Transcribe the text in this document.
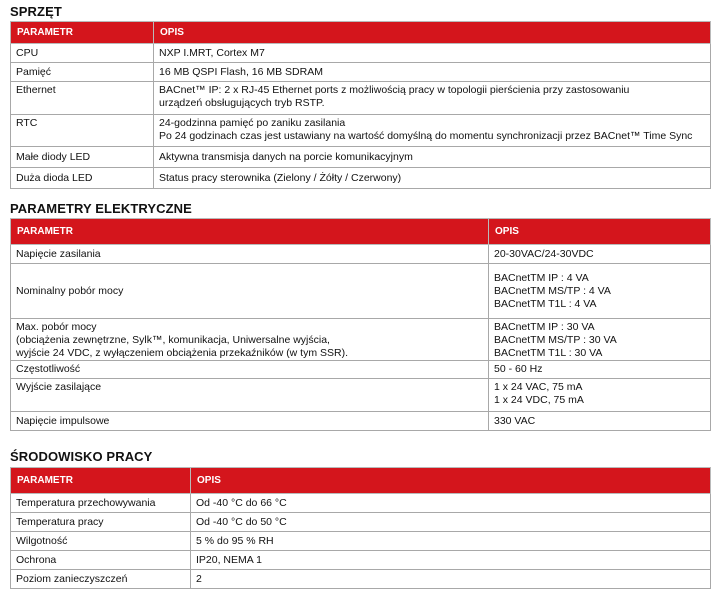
SPRZĘT
PARAMETR	OPIS
CPU	NXP I.MRT, Cortex M7
Pamięć	16 MB QSPI Flash, 16 MB SDRAM
Ethernet	BACnet™ IP: 2 x RJ-45 Ethernet ports z możliwością pracy w topologii pierścienia przy zastosowaniu
urządzeń obsługujących tryb RSTP.

RTC	24-godzinna pamięć po zaniku zasilania
Po 24 godzinach czas jest ustawiany na wartość domyślną do momentu synchronizacji przez BACnet™ Time Sync

Małe diody LED	Aktywna transmisja danych na porcie komunikacyjnym
Duża dioda LED	Status pracy sterownika (Zielony / Żółty / Czerwony)
PARAMETRY ELEKTRYCZNE
PARAMETR	OPIS
Napięcie zasilania	20-30VAC/24-30VDC
Nominalny pobór mocy	BACnetTM IP : 4 VA
BACnetTM MS/TP : 4 VA
BACnetTM T1L : 4 VA

Max. pobór mocy
(obciążenia zewnętrzne, Sylk™, komunikacja, Uniwersalne wyjścia,
wyjście 24 VDC, z wyłączeniem obciążenia przekaźników (w tym SSR).	BACnetTM IP : 30 VA
BACnetTM MS/TP : 30 VA
BACnetTM T1L : 30 VA

Częstotliwość	50 - 60 Hz
Wyjście zasilające	1 x 24 VAC, 75 mA
1 x 24 VDC, 75 mA

Napięcie impulsowe	330 VAC
ŚRODOWISKO PRACY
PARAMETR	OPIS
Temperatura przechowywania	Od -40 °C do 66 °C
Temperatura pracy	Od -40 °C do 50 °C
Wilgotność	5 % do 95 % RH
Ochrona	IP20, NEMA 1
Poziom zanieczyszczeń	2
